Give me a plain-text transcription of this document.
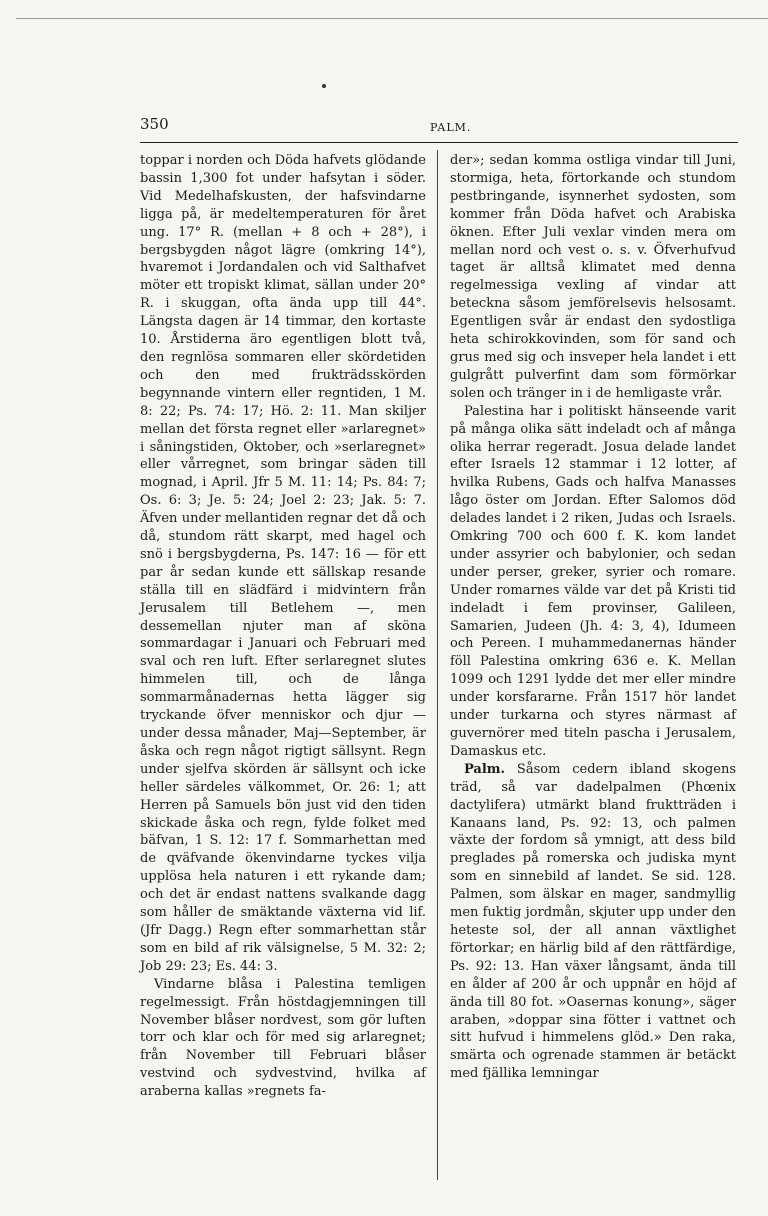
350	PALM.

toppar i norden och Döda hafvets glödande bassin 1,300 fot under hafsytan i söder. Vid Medelhafskusten, der hafsvindarne ligga på, är medeltemperaturen för året ung. 17° R. (mellan + 8 och + 28°), i bergsbygden något lägre (omkring 14°), hvaremot i Jordandalen och vid Salthafvet möter ett tropiskt klimat, sällan under 20° R. i skuggan, ofta ända upp till 44°. Längsta dagen är 14 timmar, den kortaste 10. Årstiderna äro egentligen blott två, den regnlösa sommaren eller skördetiden och den med frukträdsskörden begynnande vintern eller regntiden, 1 M. 8: 22; Ps. 74: 17; Hö. 2: 11. Man skiljer mellan det första regnet eller »arlaregnet» i såningstiden, Oktober, och »serlaregnet» eller vårregnet, som bringar säden till mognad, i April. Jfr 5 M. 11: 14; Ps. 84: 7; Os. 6: 3; Je. 5: 24; Joel 2: 23; Jak. 5: 7. Äfven under mellantiden regnar det då och då, stundom rätt skarpt, med hagel och snö i bergsbygderna, Ps. 147: 16 — för ett par år sedan kunde ett sällskap resande ställa till en slädfärd i midvintern från Jerusalem till Betlehem —, men dessemellan njuter man af sköna sommardagar i Januari och Februari med sval och ren luft. Efter serlaregnet slutes himmelen till, och de långa sommarmånadernas hetta lägger sig tryckande öfver menniskor och djur — under dessa månader, Maj—September, är åska och regn något rigtigt sällsynt. Regn under sjelfva skörden är sällsynt och icke heller särdeles välkommet, Or. 26: 1; att Herren på Samuels bön just vid den tiden skickade åska och regn, fylde folket med bäfvan, 1 S. 12: 17 f. Sommarhettan med de qväfvande ökenvindarne tyckes vilja upplösa hela naturen i ett rykande dam; och det är endast nattens svalkande dagg som håller de smäktande växterna vid lif. (Jfr Dagg.) Regn efter sommarhettan står som en bild af rik välsignelse, 5 M. 32: 2; Job 29: 23; Es. 44: 3.

Vindarne blåsa i Palestina temligen regelmessigt. Från höstdagjemningen till November blåser nordvest, som gör luften torr och klar och för med sig arlaregnet; från November till Februari blåser vestvind och sydvestvind, hvilka af araberna kallas »regnets fa-

der»; sedan komma ostliga vindar till Juni, stormiga, heta, förtorkande och stundom pestbringande, isynnerhet sydosten, som kommer från Döda hafvet och Arabiska öknen. Efter Juli vexlar vinden mera om mellan nord och vest o. s. v. Öfverhufvud taget är alltså klimatet med denna regelmessiga vexling af vindar att beteckna såsom jemförelsevis helsosamt. Egentligen svår är endast den sydostliga heta schirokkovinden, som för sand och grus med sig och insveper hela landet i ett gulgrått pulverfint dam som förmörkar solen och tränger in i de hemligaste vrår.

Palestina har i politiskt hänseende varit på många olika sätt indeladt och af många olika herrar regeradt. Josua delade landet efter Israels 12 stammar i 12 lotter, af hvilka Rubens, Gads och halfva Manasses lågo öster om Jordan. Efter Salomos död delades landet i 2 riken, Judas och Israels. Omkring 700 och 600 f. K. kom landet under assyrier och babylonier, och sedan under perser, greker, syrier och romare. Under romarnes välde var det på Kristi tid indeladt i fem provinser, Galileen, Samarien, Judeen (Jh. 4: 3, 4), Idumeen och Pereen. I muhammedanernas händer föll Palestina omkring 636 e. K. Mellan 1099 och 1291 lydde det mer eller mindre under korsfararne. Från 1517 hör landet under turkarna och styres närmast af guvernörer med titeln pascha i Jerusalem, Damaskus etc.

Palm. Såsom cedern ibland skogens träd, så var dadelpalmen (Phœnix dactylifera) utmärkt bland fruktträden i Kanaans land, Ps. 92: 13, och palmen växte der fordom så ymnigt, att dess bild preglades på romerska och judiska mynt som en sinnebild af landet. Se sid. 128. Palmen, som älskar en mager, sandmyllig men fuktig jordmån, skjuter upp under den heteste sol, der all annan växtlighet förtorkar; en härlig bild af den rättfärdige, Ps. 92: 13. Han växer långsamt, ända till en ålder af 200 år och uppnår en höjd af ända till 80 fot. »Oasernas konung», säger araben, »doppar sina fötter i vattnet och sitt hufvud i himmelens glöd.» Den raka, smärta och ogrenade stammen är betäckt med fjällika lemningar
